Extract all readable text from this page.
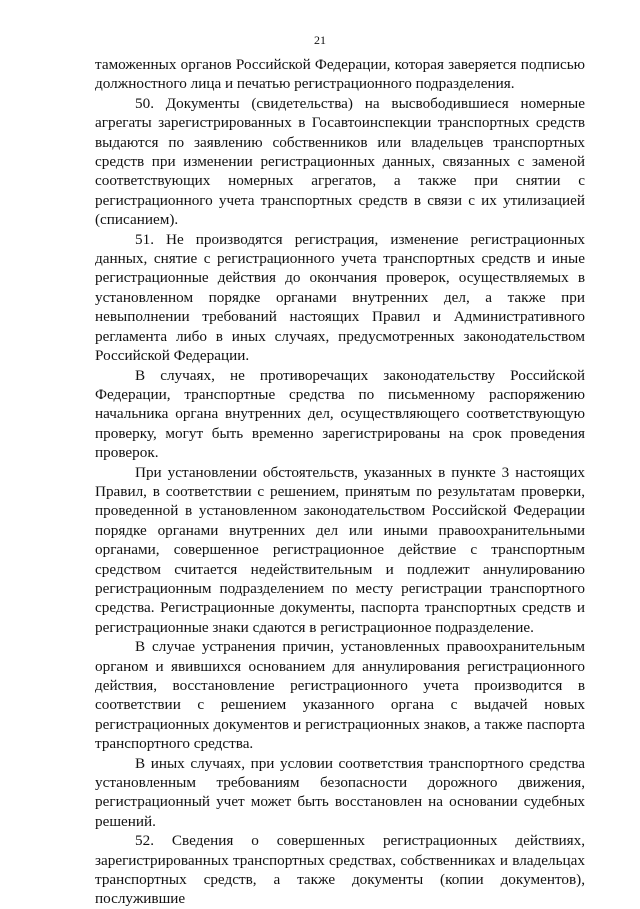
21

таможенных органов Российской Федерации, которая заверяется подписью должностного лица и печатью регистрационного подразделения.

50. Документы (свидетельства) на высвободившиеся номерные агрегаты зарегистрированных в Госавтоинспекции транспортных средств выдаются по заявлению собственников или владельцев транспортных средств при изменении регистрационных данных, связанных с заменой соответствующих номерных агрегатов, а также при снятии с регистрационного учета транспортных средств в связи с их утилизацией (списанием).

51. Не производятся регистрация, изменение регистрационных данных, снятие с регистрационного учета транспортных средств и иные регистрационные действия до окончания проверок, осуществляемых в установленном порядке органами внутренних дел, а также при невыполнении требований настоящих Правил и Административного регламента либо в иных случаях, предусмотренных законодательством Российской Федерации.

В случаях, не противоречащих законодательству Российской Федерации, транспортные средства по письменному распоряжению начальника органа внутренних дел, осуществляющего соответствующую проверку, могут быть временно зарегистрированы на срок проведения проверок.

При установлении обстоятельств, указанных в пункте 3 настоящих Правил, в соответствии с решением, принятым по результатам проверки, проведенной в установленном законодательством Российской Федерации порядке органами внутренних дел или иными правоохранительными органами, совершенное регистрационное действие с транспортным средством считается недействительным и подлежит аннулированию регистрационным подразделением по месту регистрации транспортного средства. Регистрационные документы, паспорта транспортных средств и регистрационные знаки сдаются в регистрационное подразделение.

В случае устранения причин, установленных правоохранительным органом и явившихся основанием для аннулирования регистрационного действия, восстановление регистрационного учета производится в соответствии с решением указанного органа с выдачей новых регистрационных документов и регистрационных знаков, а также паспорта транспортного средства.

В иных случаях, при условии соответствия транспортного средства установленным требованиям безопасности дорожного движения, регистрационный учет может быть восстановлен на основании судебных решений.

52. Сведения о совершенных регистрационных действиях, зарегистрированных транспортных средствах, собственниках и владельцах транспортных средств, а также документы (копии документов), послужившие
